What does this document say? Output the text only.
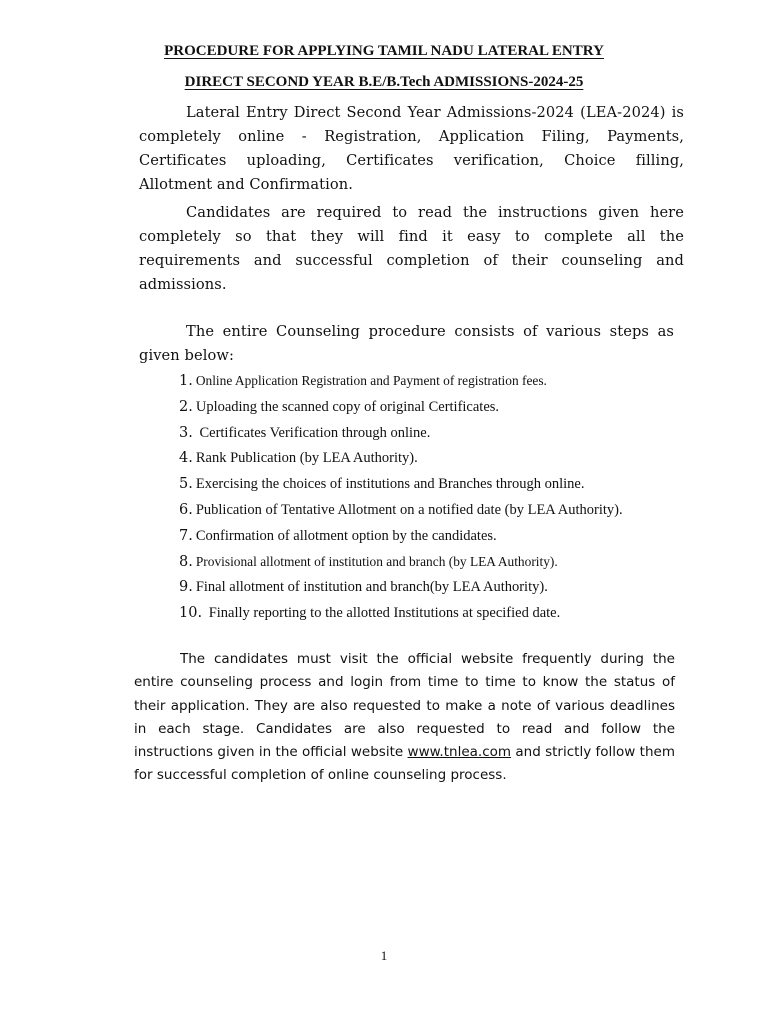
PROCEDURE FOR APPLYING TAMIL NADU LATERAL ENTRY

DIRECT SECOND YEAR B.E/B.Tech ADMISSIONS-2024-25

Lateral Entry Direct Second Year Admissions-2024 (LEA-2024) is completely online - Registration, Application Filing, Payments, Certificates uploading, Certificates verification, Choice filling, Allotment and Confirmation.

Candidates are required to read the instructions given here completely so that they will find it easy to complete all the requirements and successful completion of their counseling and admissions.

The entire Counseling procedure consists of various steps as given below:

1. Online Application Registration and Payment of registration fees.
2. Uploading the scanned copy of original Certificates.
3. Certificates Verification through online.
4. Rank Publication (by LEA Authority).
5. Exercising the choices of institutions and Branches through online.
6. Publication of Tentative Allotment on a notified date (by LEA Authority).
7. Confirmation of allotment option by the candidates.
8. Provisional allotment of institution and branch (by LEA Authority).
9. Final allotment of institution and branch(by LEA Authority).
10. Finally reporting to the allotted Institutions at specified date.

The candidates must visit the official website frequently during the entire counseling process and login from time to time to know the status of their application. They are also requested to make a note of various deadlines in each stage. Candidates are also requested to read and follow the instructions given in the official website www.tnlea.com and strictly follow them for successful completion of online counseling process.

1
